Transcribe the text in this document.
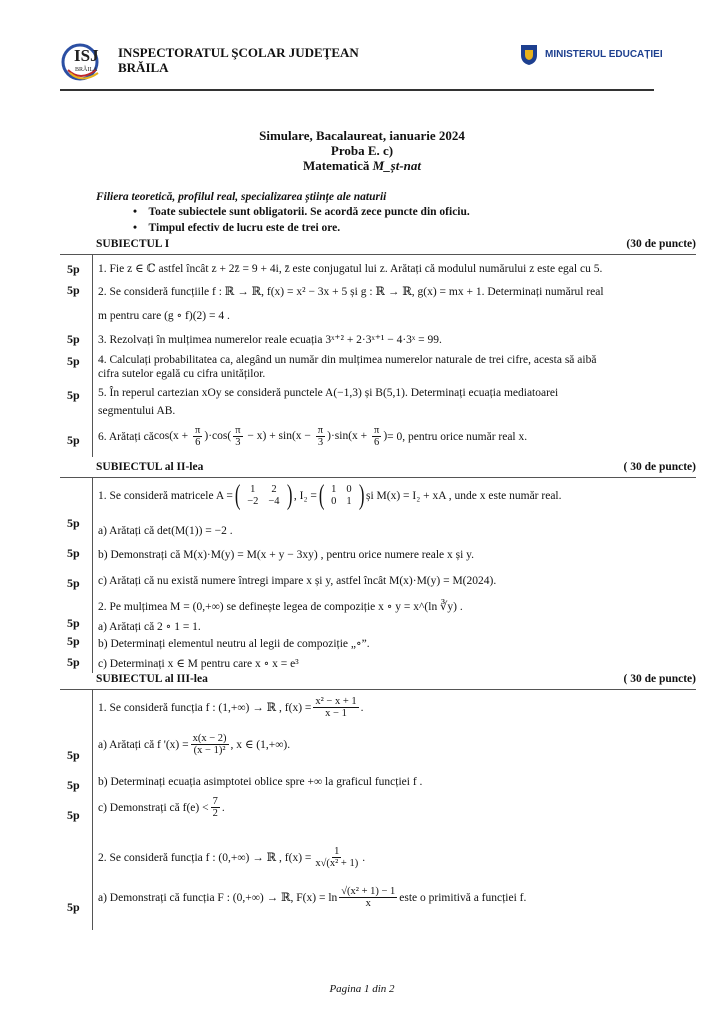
ISJ
BRĂILA
INSPECTORATUL ŞCOLAR JUDEŢEAN
BRĂILA
MINISTERUL EDUCAȚIEI
Simulare, Bacalaureat, ianuarie 2024
Proba E. c)
Matematică M_șt-nat
Filiera teoretică, profilul real, specializarea științe ale naturii
•    Toate subiectele sunt obligatorii. Se acordă zece puncte din oficiu.
•    Timpul efectiv de lucru este de trei ore.
SUBIECTUL I	(30 de puncte)
5p 1. Fie z ∈ ℂ astfel încât z + 2z̄ = 9 + 4i, z̄ este conjugatul lui z. Arătați că modulul numărului z este egal cu 5.
5p 2. Se consideră funcțiile f : ℝ → ℝ, f(x) = x² − 3x + 5 și g : ℝ → ℝ, g(x) = mx + 1. Determinați numărul real
m pentru care (g ∘ f)(2) = 4 .
5p 3. Rezolvați în mulțimea numerelor reale ecuația 3ˣ⁺² + 2·3ˣ⁺¹ − 4·3ˣ = 99.
5p 4. Calculați probabilitatea ca, alegând un număr din mulțimea numerelor naturale de trei cifre, acesta să aibă
cifra sutelor egală cu cifra unităților.
5p 5. În reperul cartezian xOy se consideră punctele A(−1,3) și B(5,1). Determinați ecuația mediatoarei
segmentului AB.
5p 6. Arătați că $\cos(x + \frac{\pi}{6} )\cdot\cos( \frac{\pi}{3} - x) + \sin(x - \frac{\pi}{3} )\cdot\sin(x + \frac{\pi}{6}$ ) = 0, pentru orice număr real x.
SUBIECTUL al II-lea	( 30 de puncte)
1. Se consideră matricele A = ( 1	2
−2	−4 ) , I₂ = ( 1	0
0	1 ) și M(x) = I₂ + xA , unde x este număr real.
5p
a) Arătați că det(M(1)) = −2 .
5p b) Demonstrați că M(x)·M(y) = M(x + y − 3xy) , pentru orice numere reale x și y.
5p c) Arătați că nu există numere întregi impare x și y, astfel încât M(x)·M(y) = M(2024).
2. Pe mulțimea M = (0,+∞) se definește legea de compoziție x ∘ y = x^(ln ∛y) .
5p a) Arătați că 2 ∘ 1 = 1.
5p b) Determinați elementul neutru al legii de compoziție „∘”.
5p c) Determinați x ∈ M pentru care x ∘ x = e³
SUBIECTUL al III-lea	( 30 de puncte)
1. Se consideră funcția f : (1,+∞) → ℝ , $f(x) = \frac{\text{x² − x + 1}}{x - 1}$ .
5p
a) Arătați că f '$(x) = \frac{x(x - 2)}{\text{(x − 1)²}}$ , x ∈ (1,+∞).
5p b) Determinați ecuația asimptotei oblice spre +∞ la graficul funcției f .
5p
c) Demonstrați că $f(e) < \frac{7}{2}$ .
2. Se consideră funcția f : (0,+∞) → ℝ , $f(x) = \frac{1}{\text{x√(x² + 1)}}$ .
5p
a) Demonstrați că funcția F : (0,+∞) → ℝ, $F(x) = \ln \frac{\text{√(x² + 1) − 1}}{x}$ este o primitivă a funcției f.
Pagina 1 din 2
